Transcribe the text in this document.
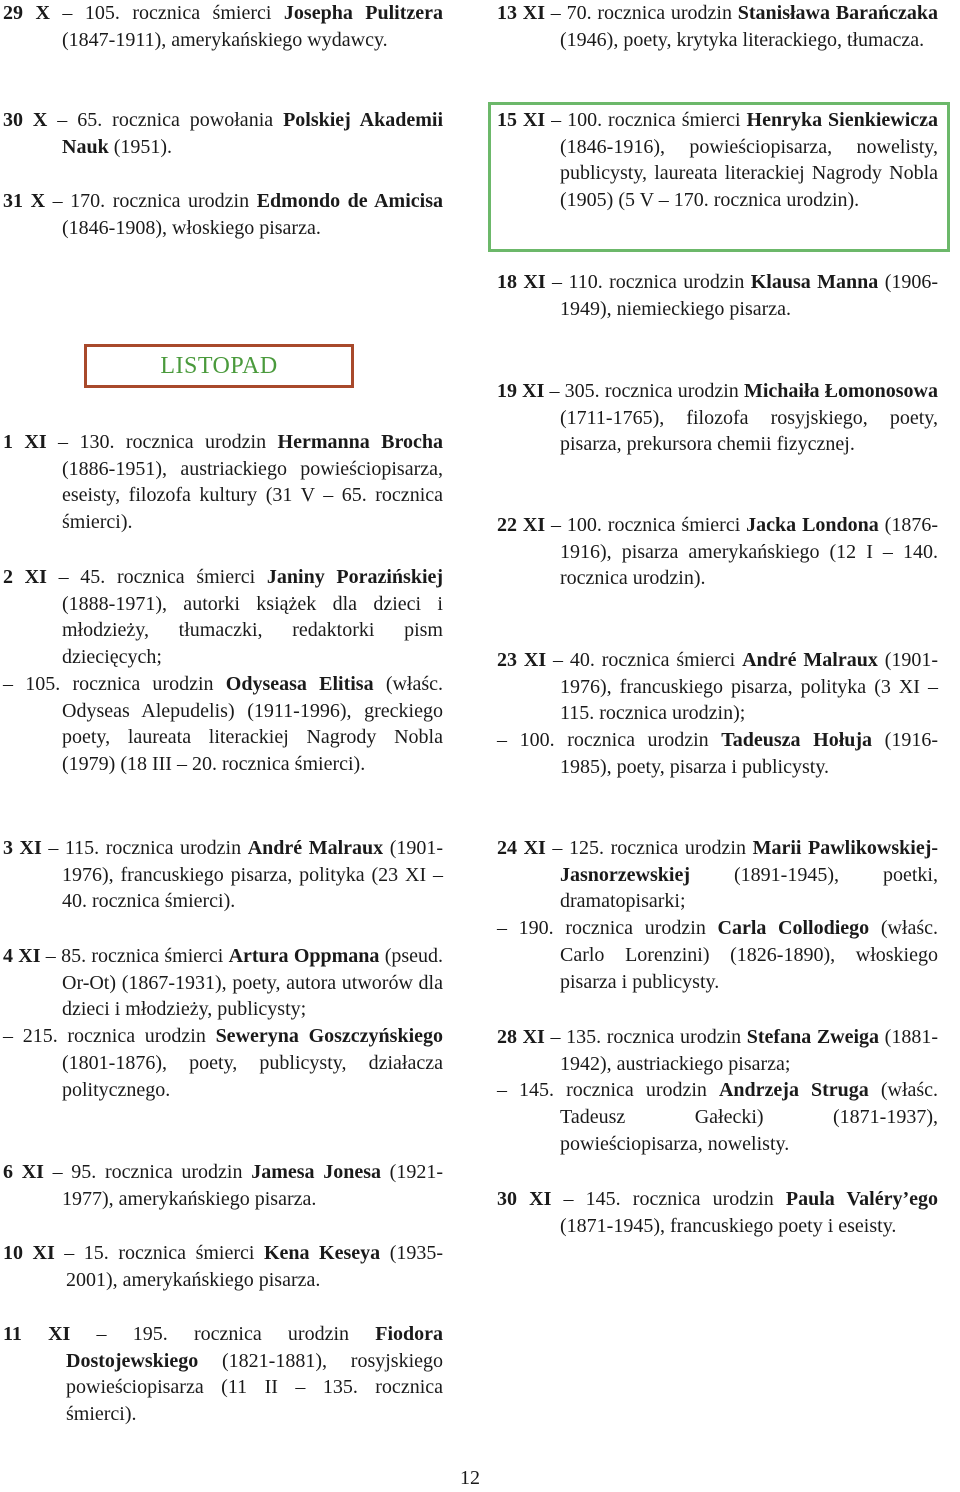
29 X – 105. rocznica śmierci Josepha Pulitzera (1847-1911), amerykańskiego wydawcy.

30 X – 65. rocznica powołania Polskiej Akademii Nauk (1951).

31 X – 170. rocznica urodzin Edmondo de Amicisa (1846-1908), włoskiego pisarza.

1 XI – 130. rocznica urodzin Hermanna Brocha (1886-1951), austriackiego powieściopisarza, eseisty, filozofa kultury (31 V – 65. rocznica śmierci).

2 XI – 45. rocznica śmierci Janiny Porazińskiej (1888-1971), autorki książek dla dzieci i młodzieży, tłumaczki, redaktorki pism dziecięcych;
– 105. rocznica urodzin Odyseasa Elitisa (właśc. Odyseas Alepudelis) (1911-1996), greckiego poety, laureata literackiej Nagrody Nobla (1979) (18 III – 20. rocznica śmierci).

3 XI – 115. rocznica urodzin André Malraux (1901-1976), francuskiego pisarza, polityka (23 XI – 40. rocznica śmierci).

4 XI – 85. rocznica śmierci Artura Oppmana (pseud. Or-Ot) (1867-1931), poety, autora utworów dla dzieci i młodzieży, publicysty;
– 215. rocznica urodzin Seweryna Goszczyńskiego (1801-1876), poety, publicysty, działacza politycznego.

6 XI – 95. rocznica urodzin Jamesa Jonesa (1921-1977), amerykańskiego pisarza.

10 XI – 15. rocznica śmierci Kena Keseya (1935-2001), amerykańskiego pisarza.

11 XI – 195. rocznica urodzin Fiodora Dostojewskiego (1821-1881), rosyjskiego powieściopisarza (11 II – 135. rocznica śmierci).

LISTOPAD

13 XI – 70. rocznica urodzin Stanisława Barańczaka (1946), poety, krytyka literackiego, tłumacza.

15 XI – 100. rocznica śmierci Henryka Sienkiewicza (1846-1916), powieściopisarza, nowelisty, publicysty, laureata literackiej Nagrody Nobla (1905) (5 V – 170. rocznica urodzin).

18 XI – 110. rocznica urodzin Klausa Manna (1906-1949), niemieckiego pisarza.

19 XI – 305. rocznica urodzin Michaiła Łomonosowa (1711-1765), filozofa rosyjskiego, poety, pisarza, prekursora chemii fizycznej.

22 XI – 100. rocznica śmierci Jacka Londona (1876-1916), pisarza amerykańskiego (12 I – 140. rocznica urodzin).

23 XI – 40. rocznica śmierci André Malraux (1901-1976), francuskiego pisarza, polityka (3 XI – 115. rocznica urodzin);
– 100. rocznica urodzin Tadeusza Hołuja (1916-1985), poety, pisarza i publicysty.

24 XI – 125. rocznica urodzin Marii Pawlikowskiej-Jasnorzewskiej (1891-1945), poetki, dramatopisarki;
– 190. rocznica urodzin Carla Collodiego (właśc. Carlo Lorenzini) (1826-1890), włoskiego pisarza i publicysty.

28 XI – 135. rocznica urodzin Stefana Zweiga (1881-1942), austriackiego pisarza;
– 145. rocznica urodzin Andrzeja Struga (właśc. Tadeusz Gałecki) (1871-1937), powieściopisarza, nowelisty.

30 XI – 145. rocznica urodzin Paula Valéry’ego (1871-1945), francuskiego poety i eseisty.

12
